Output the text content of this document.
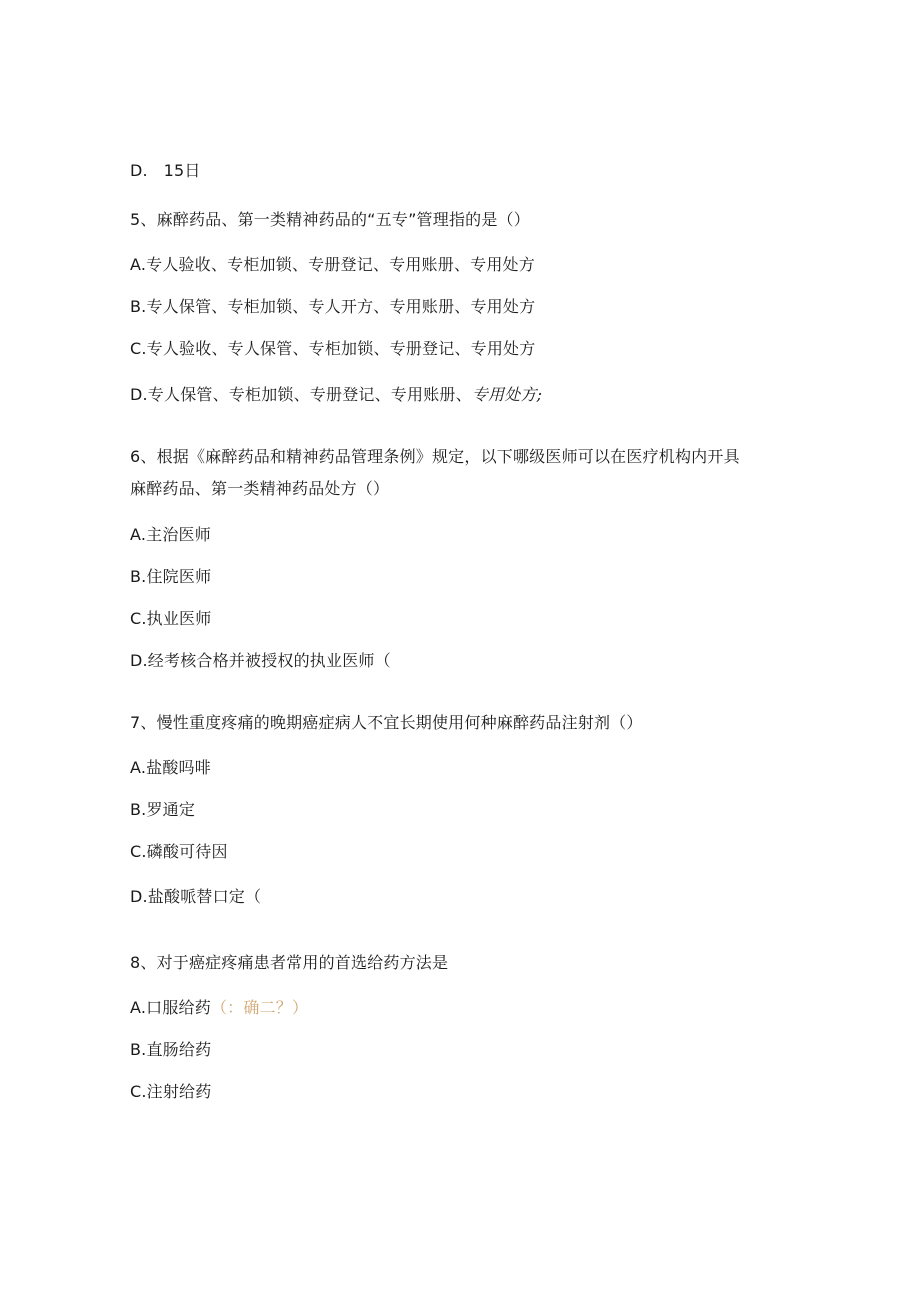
D.   15日
5、麻醉药品、第一类精神药品的“五专”管理指的是（）
A.专人验收、专柜加锁、专册登记、专用账册、专用处方
B.专人保管、专柜加锁、专人开方、专用账册、专用处方
C.专人验收、专人保管、专柜加锁、专册登记、专用处方
D.专人保管、专柜加锁、专册登记、专用账册、专用处方;
6、根据《麻醉药品和精神药品管理条例》规定，以下哪级医师可以在医疗机构内开具
麻醉药品、第一类精神药品处方（）
A.主治医师
B.住院医师
C.执业医师
D.经考核合格并被授权的执业医师（
7、慢性重度疼痛的晚期癌症病人不宜长期使用何种麻醉药品注射剂（）
A.盐酸吗啡
B.罗通定
C.磷酸可待因
D.盐酸哌替口定（
8、对于癌症疼痛患者常用的首选给药方法是
A.口服给药（：确二？）
B.直肠给药
C.注射给药
